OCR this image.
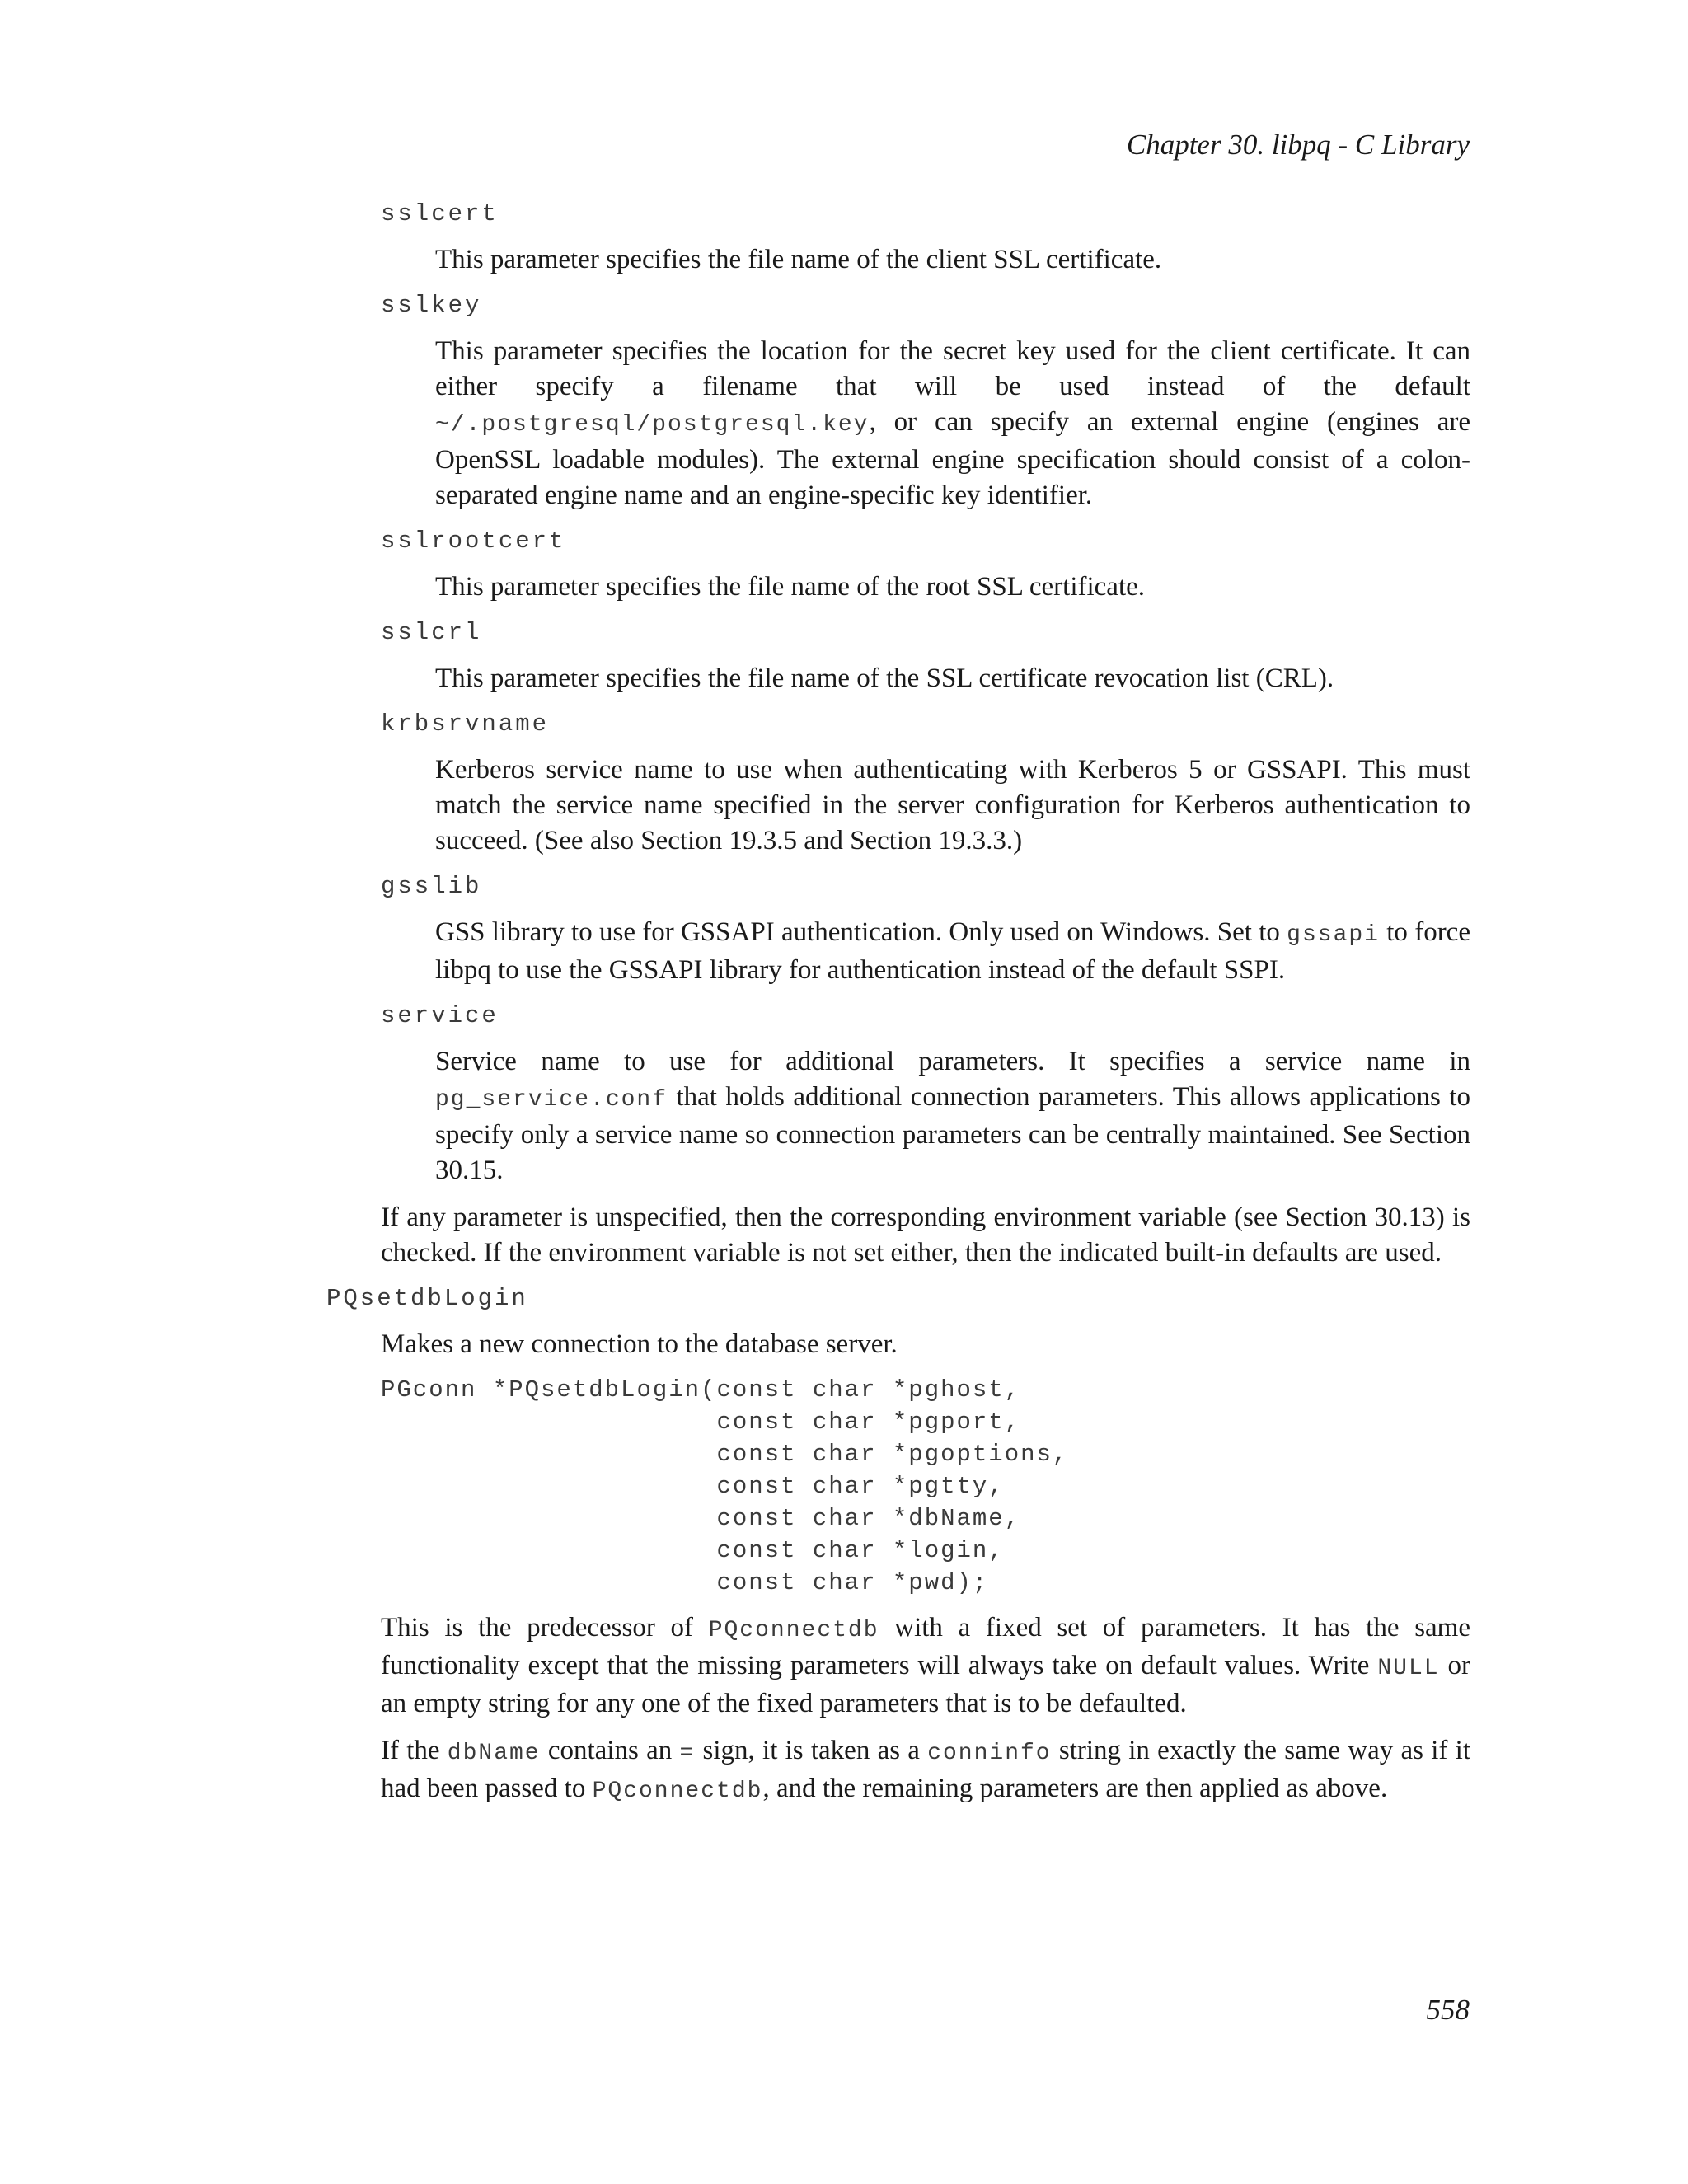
Chapter 30. libpq - C Library
sslcert
This parameter specifies the file name of the client SSL certificate.
sslkey
This parameter specifies the location for the secret key used for the client certificate. It can either specify a filename that will be used instead of the default ~/.postgresql/postgresql.key, or can specify an external engine (engines are OpenSSL loadable modules). The external engine specification should consist of a colon-separated engine name and an engine-specific key identifier.
sslrootcert
This parameter specifies the file name of the root SSL certificate.
sslcrl
This parameter specifies the file name of the SSL certificate revocation list (CRL).
krbsrvname
Kerberos service name to use when authenticating with Kerberos 5 or GSSAPI. This must match the service name specified in the server configuration for Kerberos authentication to succeed. (See also Section 19.3.5 and Section 19.3.3.)
gsslib
GSS library to use for GSSAPI authentication. Only used on Windows. Set to gssapi to force libpq to use the GSSAPI library for authentication instead of the default SSPI.
service
Service name to use for additional parameters. It specifies a service name in pg_service.conf that holds additional connection parameters. This allows applications to specify only a service name so connection parameters can be centrally maintained. See Section 30.15.
If any parameter is unspecified, then the corresponding environment variable (see Section 30.13) is checked. If the environment variable is not set either, then the indicated built-in defaults are used.
PQsetdbLogin
Makes a new connection to the database server.
PGconn *PQsetdbLogin(const char *pghost,
const char *pgport,
const char *pgoptions,
const char *pgtty,
const char *dbName,
const char *login,
const char *pwd);
This is the predecessor of PQconnectdb with a fixed set of parameters. It has the same functionality except that the missing parameters will always take on default values. Write NULL or an empty string for any one of the fixed parameters that is to be defaulted.
If the dbName contains an = sign, it is taken as a conninfo string in exactly the same way as if it had been passed to PQconnectdb, and the remaining parameters are then applied as above.
558
